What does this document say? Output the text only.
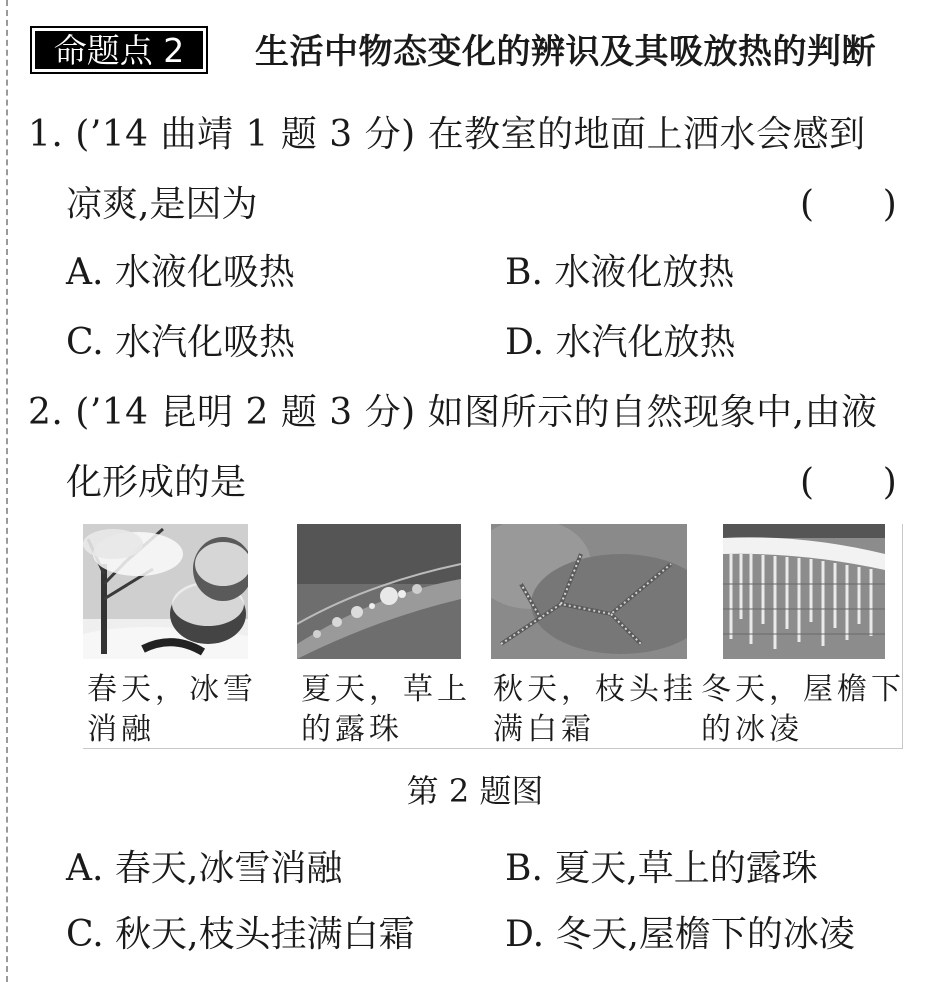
命题点 2	生活中物态变化的辨识及其吸放热的判断
1. (’14 曲靖 1 题 3 分) 在教室的地面上洒水会感到
凉爽,是因为	(      )
A. 水液化吸热	B. 水液化放热
C. 水汽化吸热	D. 水汽化放热
2. (’14 昆明 2 题 3 分) 如图所示的自然现象中,由液
化形成的是	(      )
春天，冰雪消融
夏天，草上的露珠
秋天，枝头挂满白霜
冬天，屋檐下的冰凌
第 2 题图
A. 春天,冰雪消融	B. 夏天,草上的露珠
C. 秋天,枝头挂满白霜	D. 冬天,屋檐下的冰凌
